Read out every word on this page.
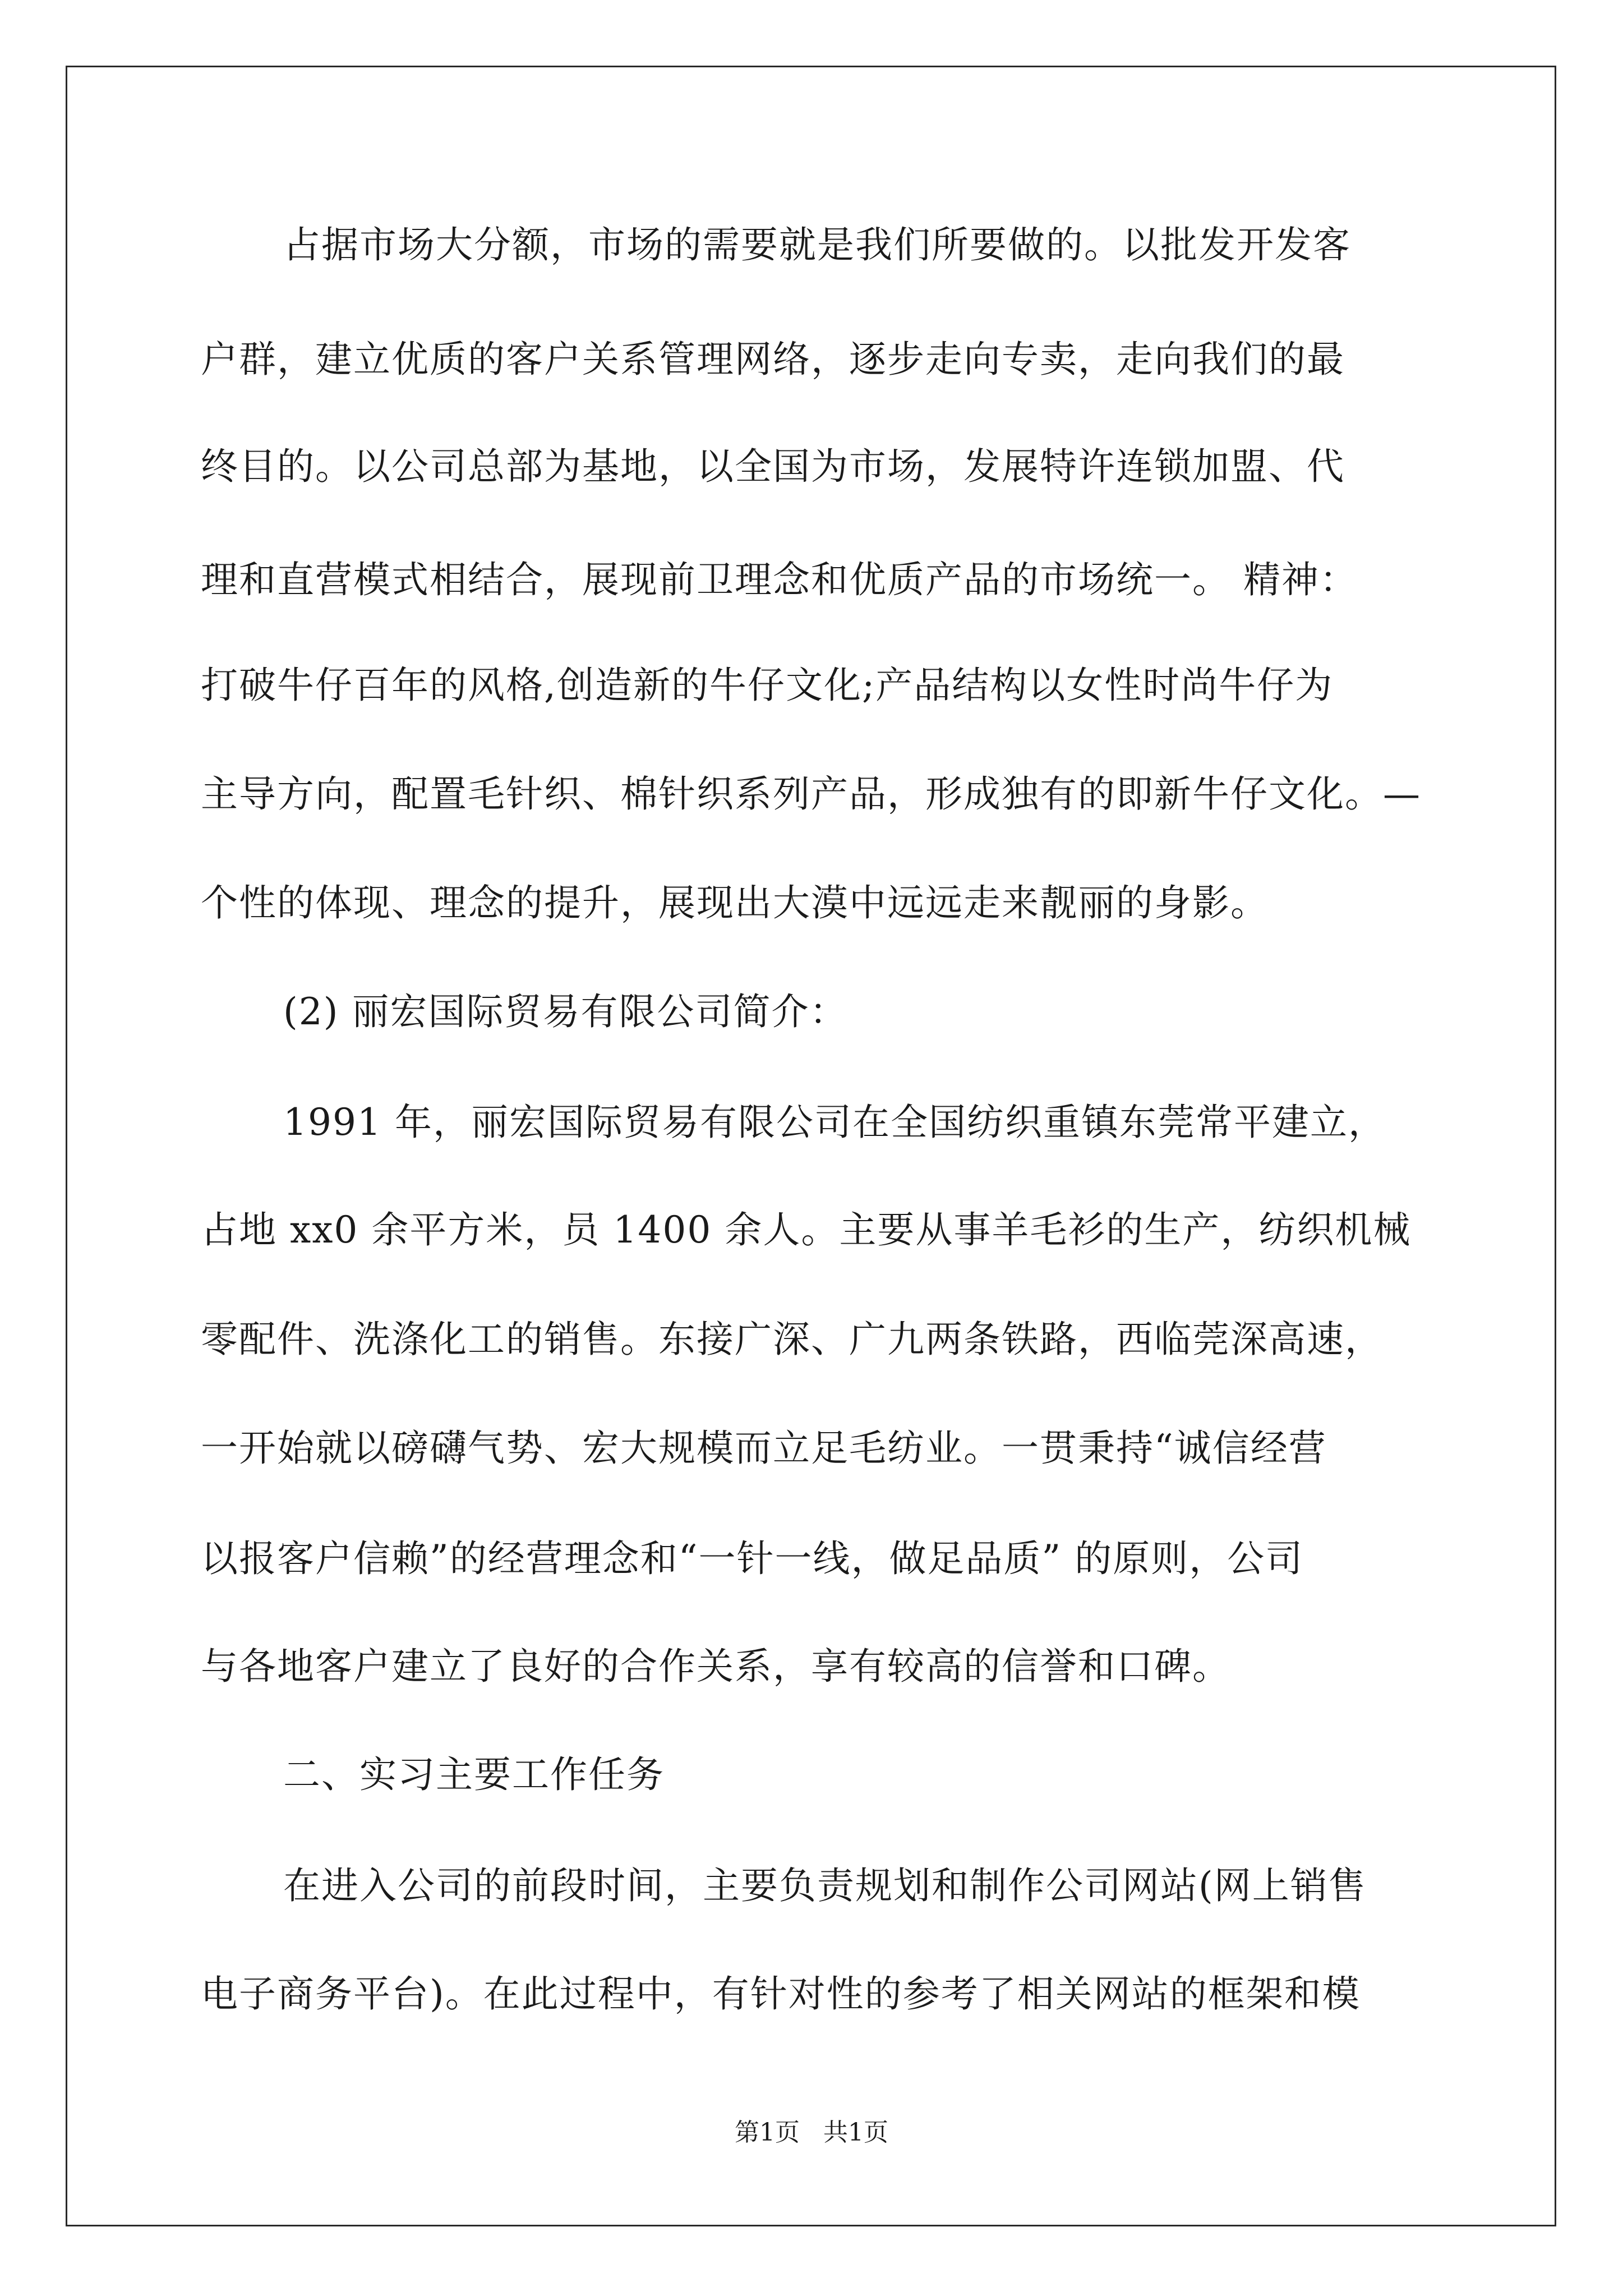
占据市场大分额，市场的需要就是我们所要做的。以批发开发客
户群，建立优质的客户关系管理网络，逐步走向专卖，走向我们的最
终目的。以公司总部为基地，以全国为市场，发展特许连锁加盟、代
理和直营模式相结合，展现前卫理念和优质产品的市场统一。 精神：
打破牛仔百年的风格,创造新的牛仔文化;产品结构以女性时尚牛仔为
主导方向，配置毛针织、棉针织系列产品，形成独有的即新牛仔文化。—
个性的体现、理念的提升，展现出大漠中远远走来靓丽的身影。
(2) 丽宏国际贸易有限公司简介：
1991 年，丽宏国际贸易有限公司在全国纺织重镇东莞常平建立，
占地 xx0 余平方米，员 1400 余人。主要从事羊毛衫的生产，纺织机械
零配件、洗涤化工的销售。东接广深、广九两条铁路，西临莞深高速，
一开始就以磅礴气势、宏大规模而立足毛纺业。一贯秉持“诚信经营
以报客户信赖”的经营理念和“一针一线，做足品质” 的原则，公司
与各地客户建立了良好的合作关系，享有较高的信誉和口碑。
二、实习主要工作任务
在进入公司的前段时间，主要负责规划和制作公司网站(网上销售
电子商务平台)。在此过程中，有针对性的参考了相关网站的框架和模
第1页   共1页
